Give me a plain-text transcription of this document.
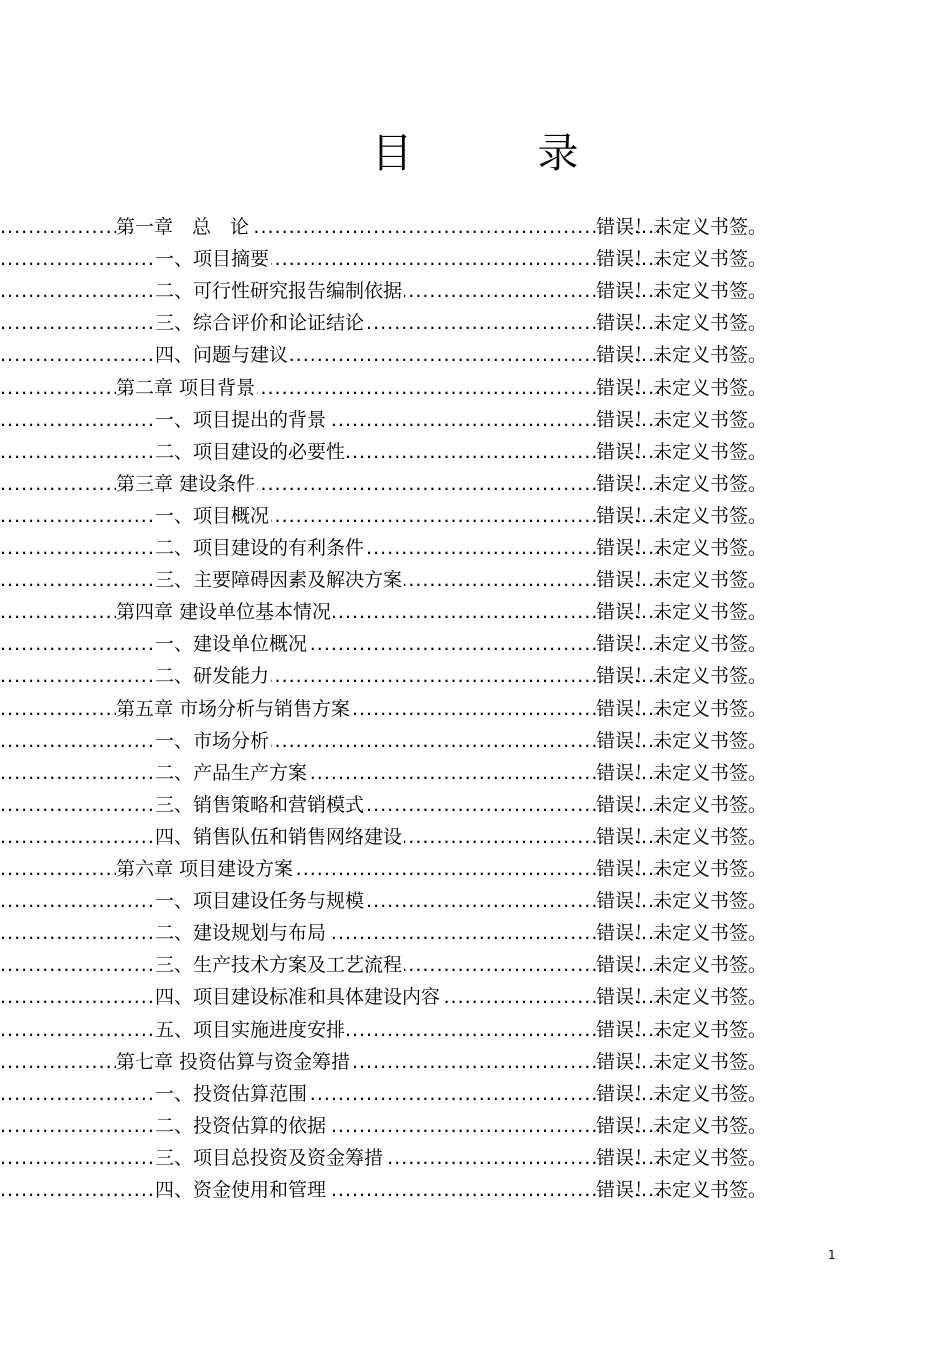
目	录
第一章　总　论 .....	.... 错误！未定义书签。
一、项目摘要 .....	.... 错误！未定义书签。
二、可行性研究报告编制依据 .....	.... 错误！未定义书签。
三、综合评价和论证结论 .....	.... 错误！未定义书签。
四、问题与建议 .....	.... 错误！未定义书签。
第二章 项目背景 .....	.... 错误！未定义书签。
一、项目提出的背景 .....	.... 错误！未定义书签。
二、项目建设的必要性 .....	.... 错误！未定义书签。
第三章 建设条件 .....	.... 错误！未定义书签。
一、项目概况 .....	.... 错误！未定义书签。
二、项目建设的有利条件 .....	.... 错误！未定义书签。
三、主要障碍因素及解决方案 .....	.... 错误！未定义书签。
第四章 建设单位基本情况 .....	.... 错误！未定义书签。
一、建设单位概况 .....	.... 错误！未定义书签。
二、研发能力 .....	.... 错误！未定义书签。
第五章 市场分析与销售方案 .....	.... 错误！未定义书签。
一、市场分析 .....	.... 错误！未定义书签。
二、产品生产方案 .....	.... 错误！未定义书签。
三、销售策略和营销模式 .....	.... 错误！未定义书签。
四、销售队伍和销售网络建设 .....	.... 错误！未定义书签。
第六章 项目建设方案 .....	.... 错误！未定义书签。
一、项目建设任务与规模 .....	.... 错误！未定义书签。
二、建设规划与布局 .....	.... 错误！未定义书签。
三、生产技术方案及工艺流程 .....	.... 错误！未定义书签。
四、项目建设标准和具体建设内容 .....	.... 错误！未定义书签。
五、项目实施进度安排 .....	.... 错误！未定义书签。
第七章 投资估算与资金筹措 .....	.... 错误！未定义书签。
一、投资估算范围 .....	.... 错误！未定义书签。
二、投资估算的依据 .....	.... 错误！未定义书签。
三、项目总投资及资金筹措 .....	.... 错误！未定义书签。
四、资金使用和管理 .....	.... 错误！未定义书签。
1
